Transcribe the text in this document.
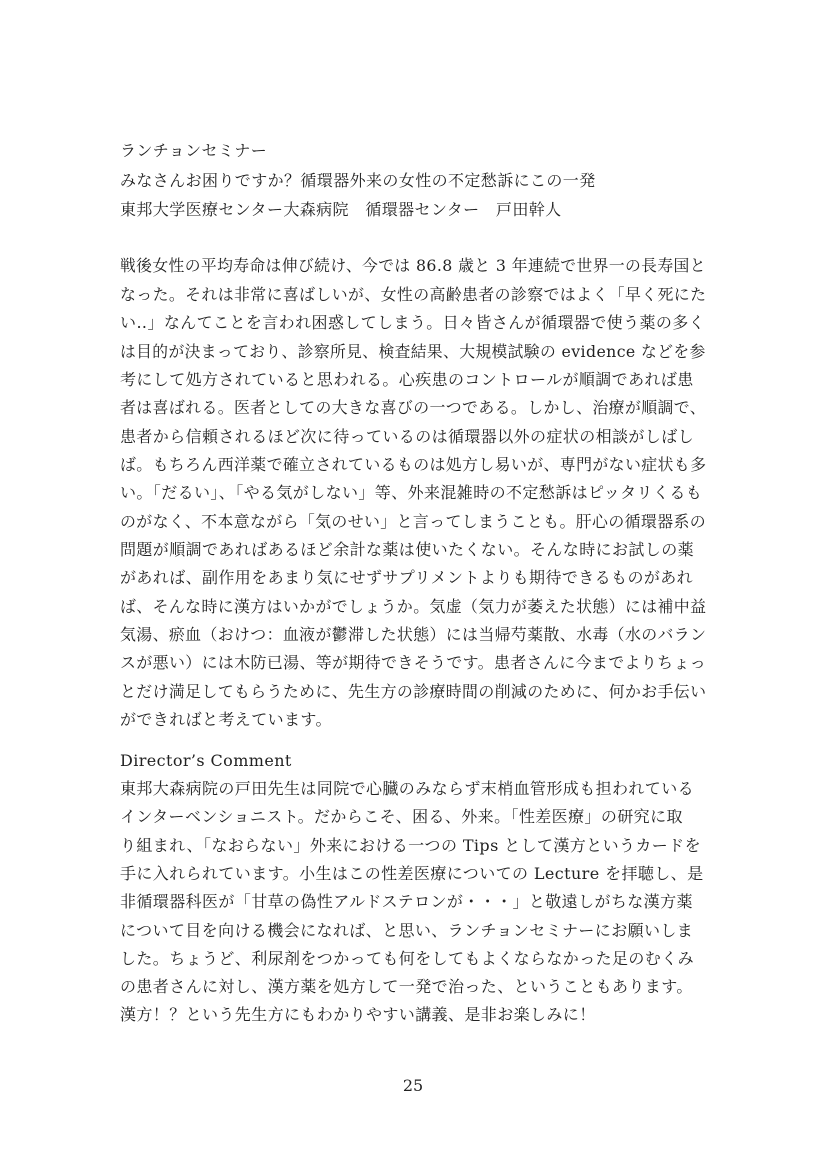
ランチョンセミナー
みなさんお困りですか？循環器外来の女性の不定愁訴にこの一発
東邦大学医療センター大森病院　循環器センター　戸田幹人
戦後女性の平均寿命は伸び続け、今では 86.8 歳と 3 年連続で世界一の長寿国と
なった。それは非常に喜ばしいが、女性の高齢患者の診察ではよく「早く死にた
い‥」なんてことを言われ困惑してしまう。日々皆さんが循環器で使う薬の多く
は目的が決まっており、診察所見、検査結果、大規模試験の evidence などを参
考にして処方されていると思われる。心疾患のコントロールが順調であれば患
者は喜ばれる。医者としての大きな喜びの一つである。しかし、治療が順調で、
患者から信頼されるほど次に待っているのは循環器以外の症状の相談がしばし
ば。もちろん西洋薬で確立されているものは処方し易いが、専門がない症状も多
い。「だるい」、「やる気がしない」等、外来混雑時の不定愁訴はピッタリくるも
のがなく、不本意ながら「気のせい」と言ってしまうことも。肝心の循環器系の
問題が順調であればあるほど余計な薬は使いたくない。そんな時にお試しの薬
があれば、副作用をあまり気にせずサプリメントよりも期待できるものがあれ
ば、そんな時に漢方はいかがでしょうか。気虚（気力が萎えた状態）には補中益
気湯、瘀血（おけつ：血液が鬱滞した状態）には当帰芍薬散、水毒（水のバラン
スが悪い）には木防已湯、等が期待できそうです。患者さんに今までよりちょっ
とだけ満足してもらうために、先生方の診療時間の削減のために、何かお手伝い
ができればと考えています。
Director’s Comment
東邦大森病院の戸田先生は同院で心臓のみならず末梢血管形成も担われている
インターベンショニスト。だからこそ、困る、外来。「性差医療」の研究に取
り組まれ、「なおらない」外来における一つの Tips として漢方というカードを
手に入れられています。小生はこの性差医療についての Lecture を拝聴し、是
非循環器科医が「甘草の偽性アルドステロンが・・・」と敬遠しがちな漢方薬
について目を向ける機会になれば、と思い、ランチョンセミナーにお願いしま
した。ちょうど、利尿剤をつかっても何をしてもよくならなかった足のむくみ
の患者さんに対し、漢方薬を処方して一発で治った、ということもあります。
漢方！？という先生方にもわかりやすい講義、是非お楽しみに！
25
